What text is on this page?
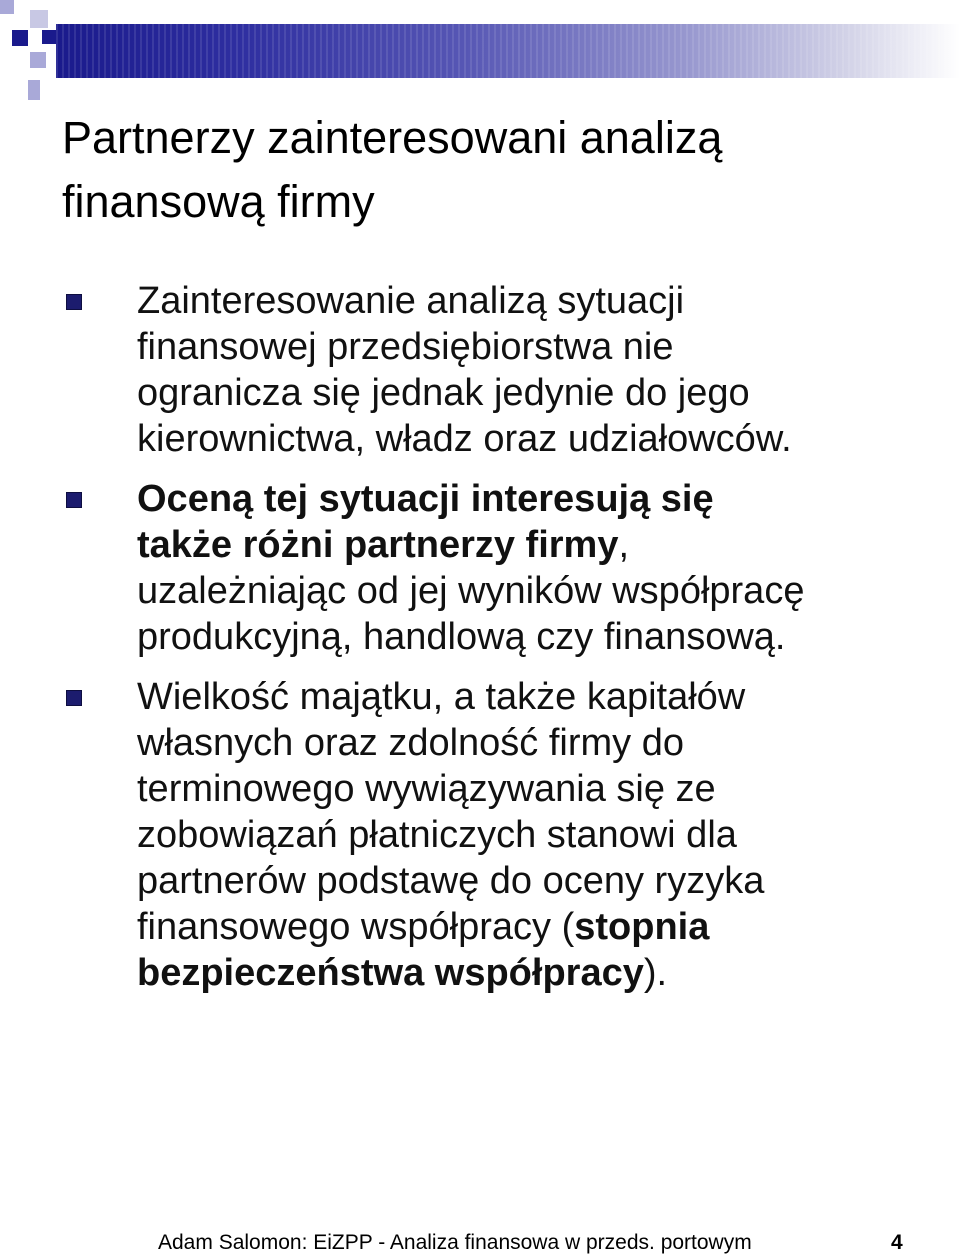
Partnerzy zainteresowani analizą
finansową firmy
Zainteresowanie analizą sytuacji
finansowej przedsiębiorstwa nie
ogranicza się jednak jedynie do jego
kierownictwa, władz oraz udziałowców.
Oceną tej sytuacji interesują się
także różni partnerzy firmy,
uzależniając od jej wyników współpracę
produkcyjną, handlową czy finansową.
Wielkość majątku, a także kapitałów
własnych oraz zdolność firmy do
terminowego wywiązywania się ze
zobowiązań płatniczych stanowi dla
partnerów podstawę do oceny ryzyka
finansowego współpracy (stopnia
bezpieczeństwa współpracy).
Adam Salomon: EiZPP - Analiza finansowa w przeds. portowym	4
